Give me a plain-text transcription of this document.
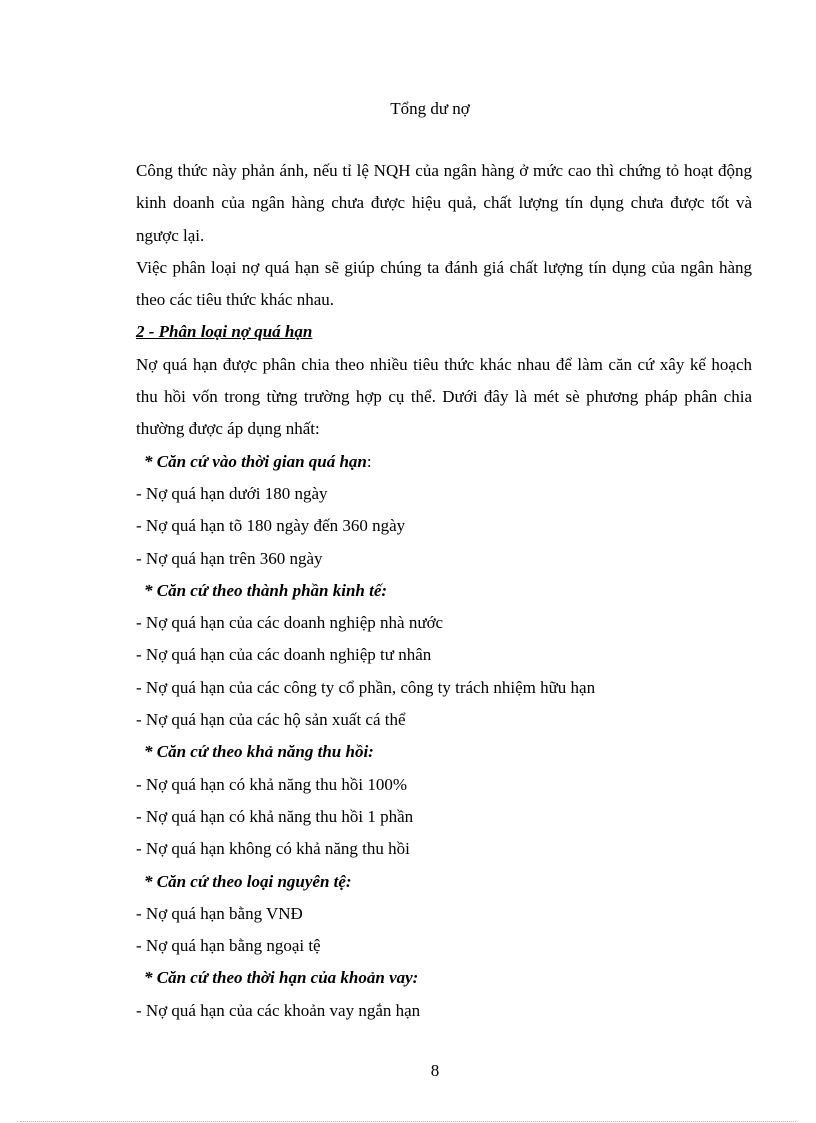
Tổng dư nợ

Công thức này phản ánh, nếu tỉ lệ NQH của ngân hàng ở mức cao thì chứng tỏ hoạt động kinh doanh của ngân hàng chưa được hiệu quả, chất lượng tín dụng chưa được tốt và ngược lại.

Việc phân loại nợ quá hạn sẽ giúp chúng ta đánh giá chất lượng tín dụng của ngân hàng theo các tiêu thức khác nhau.

2 - Phân loại nợ quá hạn

Nợ quá hạn được phân chia theo nhiều tiêu thức khác nhau để làm căn cứ xây kế hoạch thu hồi vốn trong từng trường hợp cụ thể. Dưới đây là mét sè phương pháp phân chia thường được áp dụng nhất:

* Căn cứ vào thời gian quá hạn:

- Nợ quá hạn dưới 180 ngày

- Nợ quá hạn tõ 180 ngày đến 360 ngày

- Nợ quá hạn trên 360 ngày

* Căn cứ theo thành phần kinh tế:

- Nợ quá hạn của các doanh nghiệp nhà nước

- Nợ quá hạn của các doanh nghiệp tư nhân

- Nợ quá hạn của các công ty cổ phần, công ty trách nhiệm hữu hạn

- Nợ quá hạn của các hộ sản xuất cá thể

* Căn cứ theo khả năng thu hồi:

- Nợ quá hạn có khả năng thu hồi 100%

- Nợ quá hạn có khả năng thu hồi 1 phần

- Nợ quá hạn không có khả năng thu hồi

* Căn cứ theo loại nguyên tệ:

- Nợ quá hạn bằng VNĐ

- Nợ quá hạn bằng ngoại tệ

* Căn cứ theo thời hạn của khoản vay:

- Nợ quá hạn của các khoản vay ngắn hạn

8
